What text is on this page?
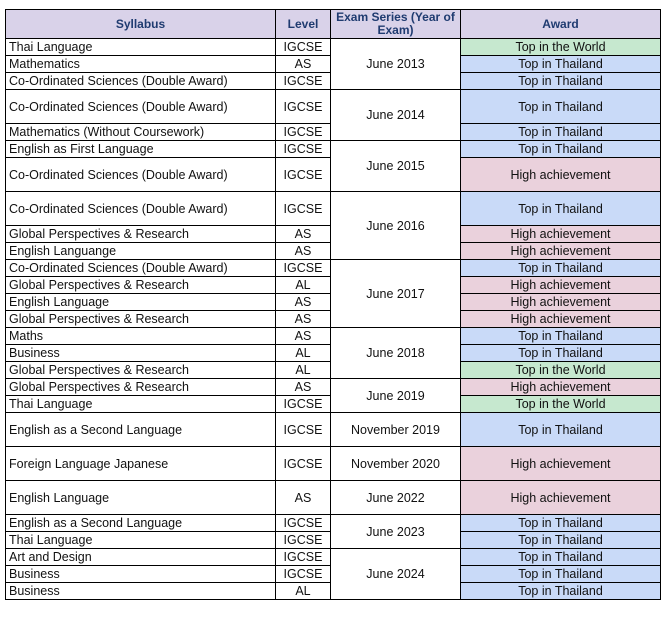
Syllabus	Level	Exam Series (Year of Exam)	Award
Thai Language	IGCSE	June 2013	Top in the World
Mathematics	AS		Top in Thailand
Co-Ordinated Sciences (Double Award)	IGCSE		Top in Thailand
Co-Ordinated Sciences (Double Award)	IGCSE	June 2014	Top in Thailand
Mathematics (Without Coursework)	IGCSE		Top in Thailand
English as First Language	IGCSE	June 2015	Top in Thailand
Co-Ordinated Sciences (Double Award)	IGCSE		High achievement
Co-Ordinated Sciences (Double Award)	IGCSE	June 2016	Top in Thailand
Global Perspectives & Research	AS		High achievement
English Languange	AS		High achievement
Co-Ordinated Sciences (Double Award)	IGCSE	June 2017	Top in Thailand
Global Perspectives & Research	AL		High achievement
English Language	AS		High achievement
Global Perspectives & Research	AS		High achievement
Maths	AS	June 2018	Top in Thailand
Business	AL		Top in Thailand
Global Perspectives & Research	AL		Top in the World
Global Perspectives & Research	AS	June 2019	High achievement
Thai Language	IGCSE		Top in the World
English as a Second Language	IGCSE	November 2019	Top in Thailand
Foreign Language Japanese	IGCSE	November 2020	High achievement
English Language	AS	June 2022	High achievement
English as a Second Language	IGCSE	June 2023	Top in Thailand
Thai Language	IGCSE		Top in Thailand
Art and Design	IGCSE	June 2024	Top in Thailand
Business	IGCSE		Top in Thailand
Business	AL		Top in Thailand
